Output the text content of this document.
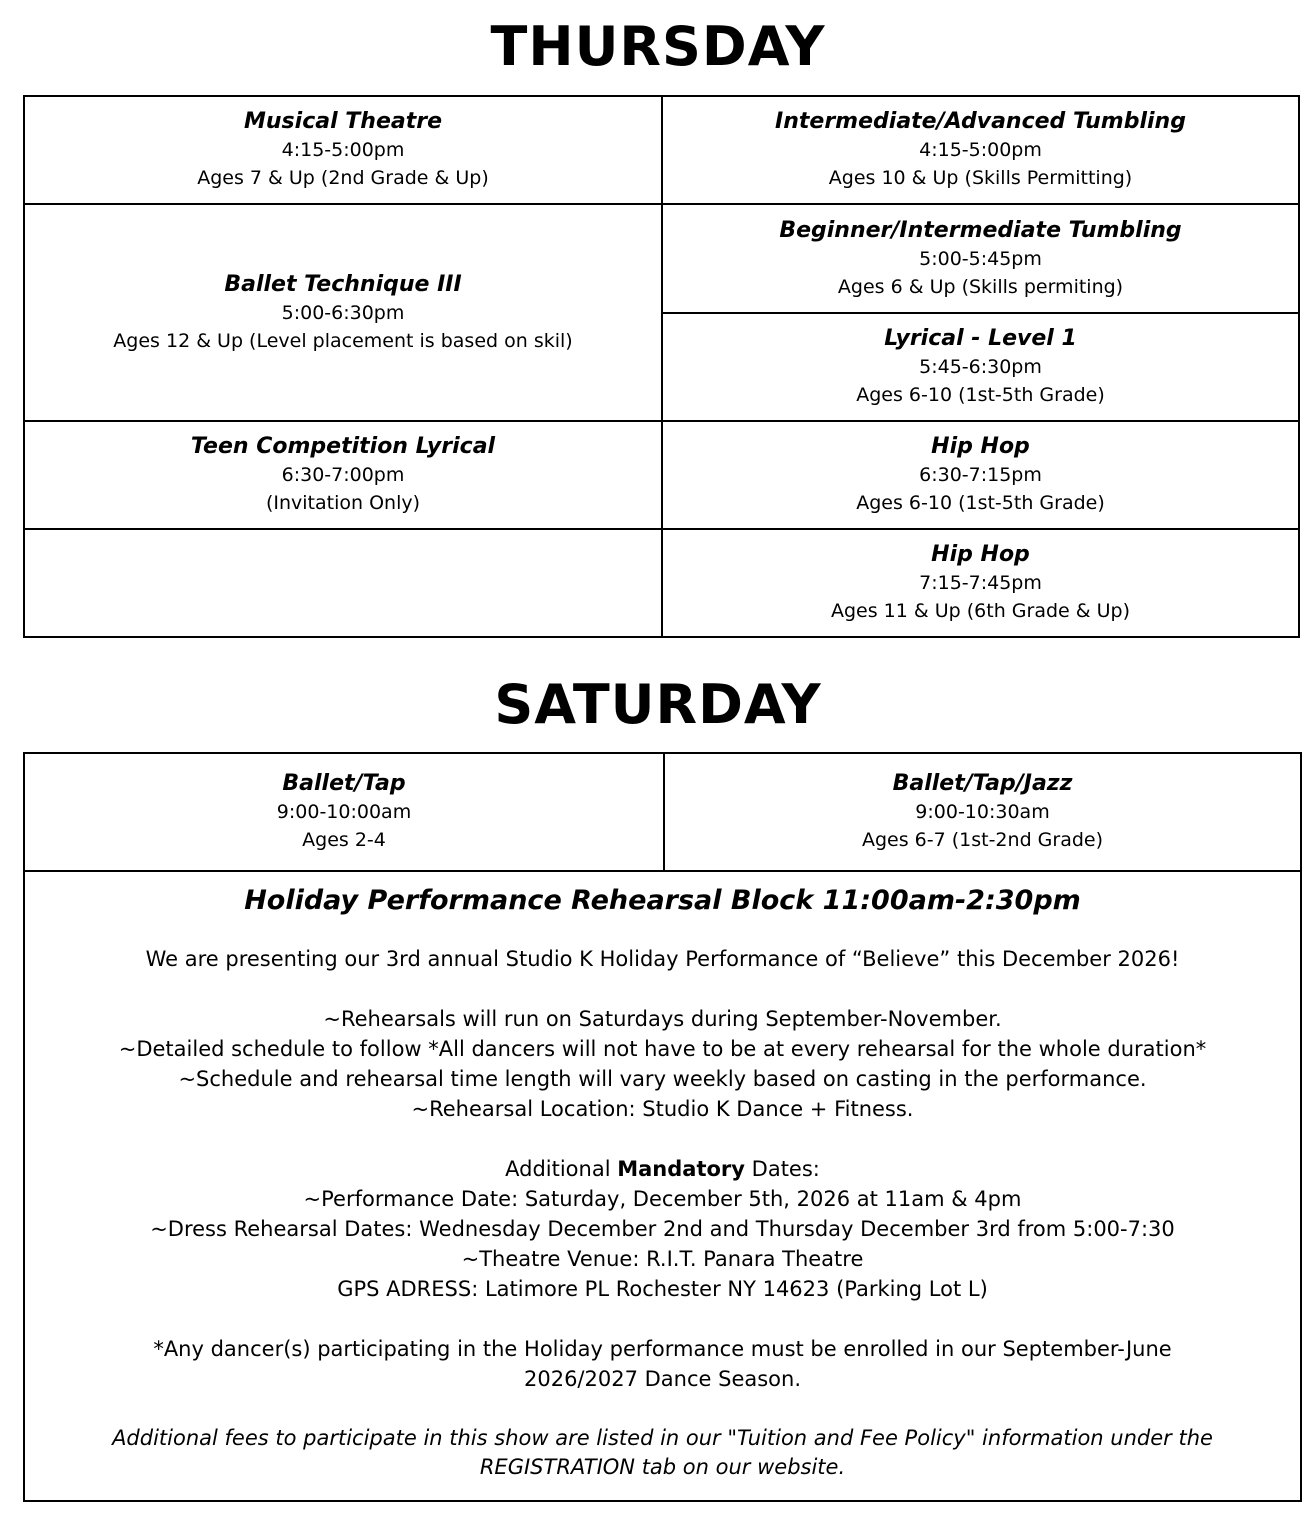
THURSDAY
Musical Theatre
4:15-5:00pm
Ages 7 & Up (2nd Grade & Up)
Ballet Technique III
5:00-6:30pm
Ages 12 & Up (Level placement is based on skil)
Teen Competition Lyrical
6:30-7:00pm
(Invitation Only)
Intermediate/Advanced Tumbling
4:15-5:00pm
Ages 10 & Up (Skills Permitting)
Beginner/Intermediate Tumbling
5:00-5:45pm
Ages 6 & Up (Skills permiting)
Lyrical - Level 1
5:45-6:30pm
Ages 6-10 (1st-5th Grade)
Hip Hop
6:30-7:15pm
Ages 6-10 (1st-5th Grade)
Hip Hop
7:15-7:45pm
Ages 11 & Up (6th Grade & Up)
SATURDAY
Ballet/Tap
9:00-10:00am
Ages 2-4
Ballet/Tap/Jazz
9:00-10:30am
Ages 6-7 (1st-2nd Grade)
Holiday Performance Rehearsal Block 11:00am-2:30pm

We are presenting our 3rd annual Studio K Holiday Performance of “Believe” this December 2026!

~Rehearsals will run on Saturdays during September-November.

~Detailed schedule to follow *All dancers will not have to be at every rehearsal for the whole duration*

~Schedule and rehearsal time length will vary weekly based on casting in the performance.

~Rehearsal Location: Studio K Dance + Fitness.

Additional Mandatory Dates:

~Performance Date: Saturday, December 5th, 2026 at 11am & 4pm

~Dress Rehearsal Dates: Wednesday December 2nd and Thursday December 3rd from 5:00-7:30

~Theatre Venue: R.I.T. Panara Theatre

GPS ADRESS: Latimore PL Rochester NY 14623 (Parking Lot L)

*Any dancer(s) participating in the Holiday performance must be enrolled in our September-June

2026/2027 Dance Season.

Additional fees to participate in this show are listed in our "Tuition and Fee Policy" information under the

REGISTRATION tab on our website.
